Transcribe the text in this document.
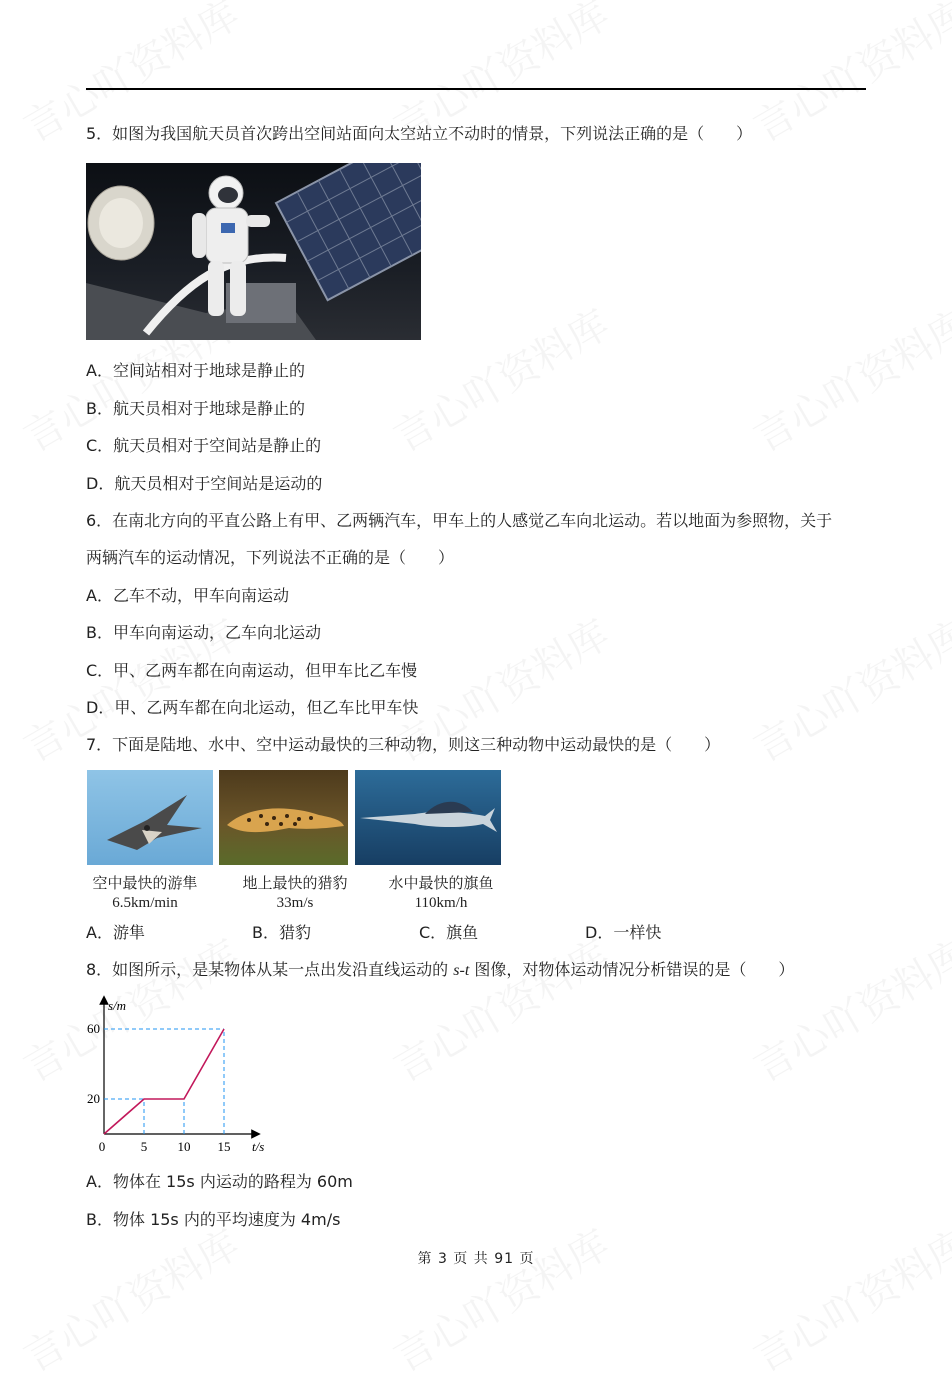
5．如图为我国航天员首次跨出空间站面向太空站立不动时的情景，下列说法正确的是（　　）
A．空间站相对于地球是静止的
B．航天员相对于地球是静止的
C．航天员相对于空间站是静止的
D．航天员相对于空间站是运动的
6．在南北方向的平直公路上有甲、乙两辆汽车，甲车上的人感觉乙车向北运动。若以地面为参照物，关于
两辆汽车的运动情况，下列说法不正确的是（　　）
A．乙车不动，甲车向南运动
B．甲车向南运动，乙车向北运动
C．甲、乙两车都在向南运动，但甲车比乙车慢
D．甲、乙两车都在向北运动，但乙车比甲车快
7．下面是陆地、水中、空中运动最快的三种动物，则这三种动物中运动最快的是（　　）
空中最快的游隼
6.5km/min
地上最快的猎豹
33m/s
水中最快的旗鱼
110km/h
A．游隼	B．猎豹	C．旗鱼	D．一样快
8．如图所示，是某物体从某一点出发沿直线运动的 s-t 图像，对物体运动情况分析错误的是（　　）
0	5 10 15
20
60
s/m
t/s
A．物体在 15s 内运动的路程为 60m
B．物体 15s 内的平均速度为 4m/s
第 3 页 共 91 页
